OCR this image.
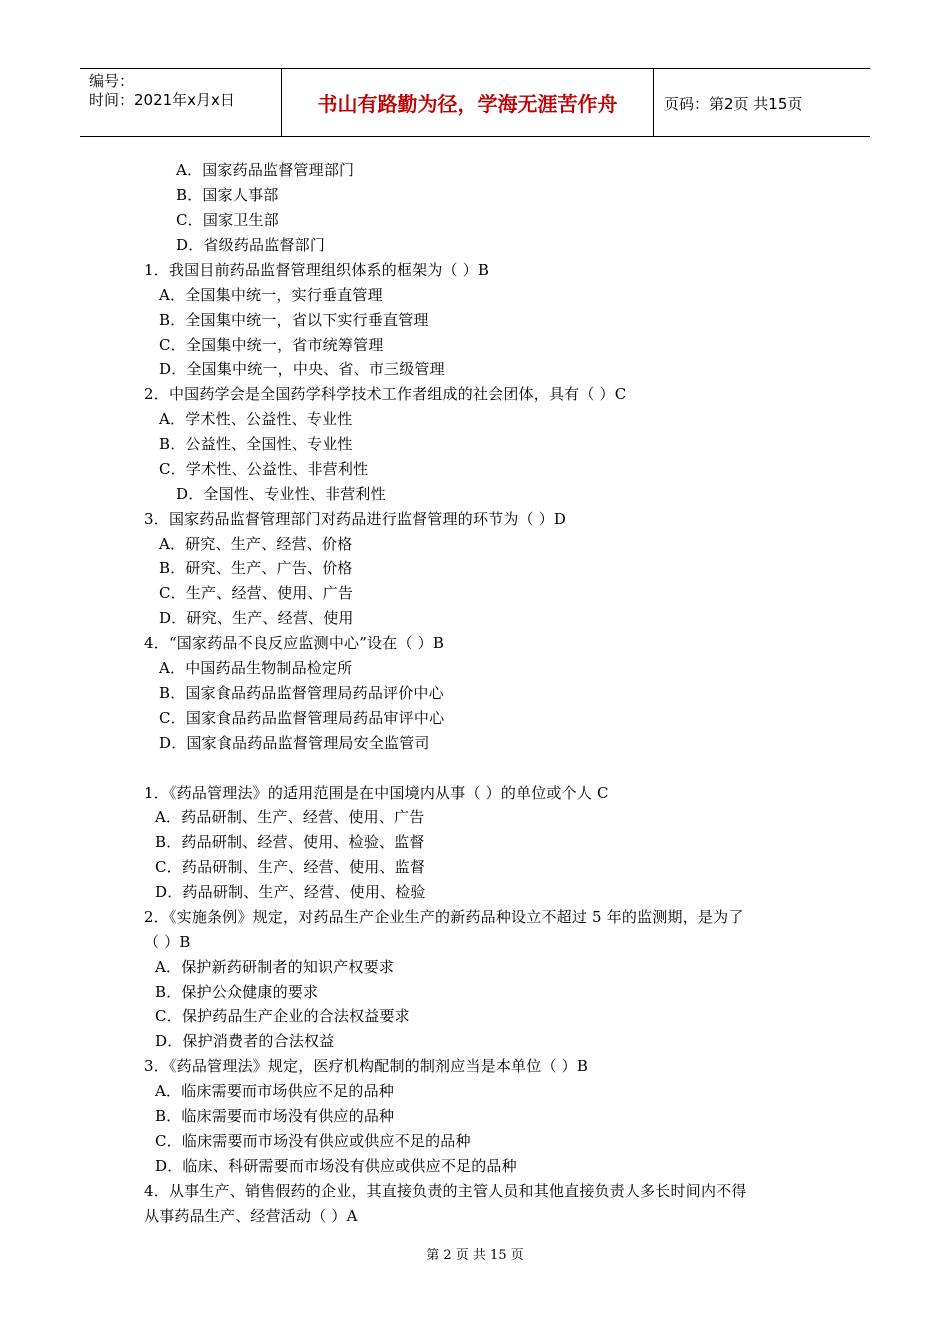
编号：
时间：2021年x月x日	书山有路勤为径，学海无涯苦作舟	页码：第2页 共15页
A．国家药品监督管理部门
B．国家人事部
C．国家卫生部
D．省级药品监督部门
1．我国目前药品监督管理组织体系的框架为（ ）B
A．全国集中统一，实行垂直管理
B．全国集中统一，省以下实行垂直管理
C．全国集中统一，省市统筹管理
D．全国集中统一，中央、省、市三级管理
2．中国药学会是全国药学科学技术工作者组成的社会团体，具有（ ）C
A．学术性、公益性、专业性
B．公益性、全国性、专业性
C．学术性、公益性、非营利性
D．全国性、专业性、非营利性
3．国家药品监督管理部门对药品进行监督管理的环节为（ ）D
A．研究、生产、经营、价格
B．研究、生产、广告、价格
C．生产、经营、使用、广告
D．研究、生产、经营、使用
4．“国家药品不良反应监测中心”设在（ ）B
A．中国药品生物制品检定所
B．国家食品药品监督管理局药品评价中心
C．国家食品药品监督管理局药品审评中心
D．国家食品药品监督管理局安全监管司
1．《药品管理法》的适用范围是在中国境内从事（ ）的单位或个人 C
A．药品研制、生产、经营、使用、广告
B．药品研制、经营、使用、检验、监督
C．药品研制、生产、经营、使用、监督
D．药品研制、生产、经营、使用、检验
2．《实施条例》规定，对药品生产企业生产的新药品种设立不超过 5 年的监测期，是为了
（ ）B
A．保护新药研制者的知识产权要求
B．保护公众健康的要求
C．保护药品生产企业的合法权益要求
D．保护消费者的合法权益
3．《药品管理法》规定，医疗机构配制的制剂应当是本单位（ ）B
A．临床需要而市场供应不足的品种
B．临床需要而市场没有供应的品种
C．临床需要而市场没有供应或供应不足的品种
D．临床、科研需要而市场没有供应或供应不足的品种
4．从事生产、销售假药的企业，其直接负责的主管人员和其他直接负责人多长时间内不得
从事药品生产、经营活动（ ）A
第 2 页 共 15 页
